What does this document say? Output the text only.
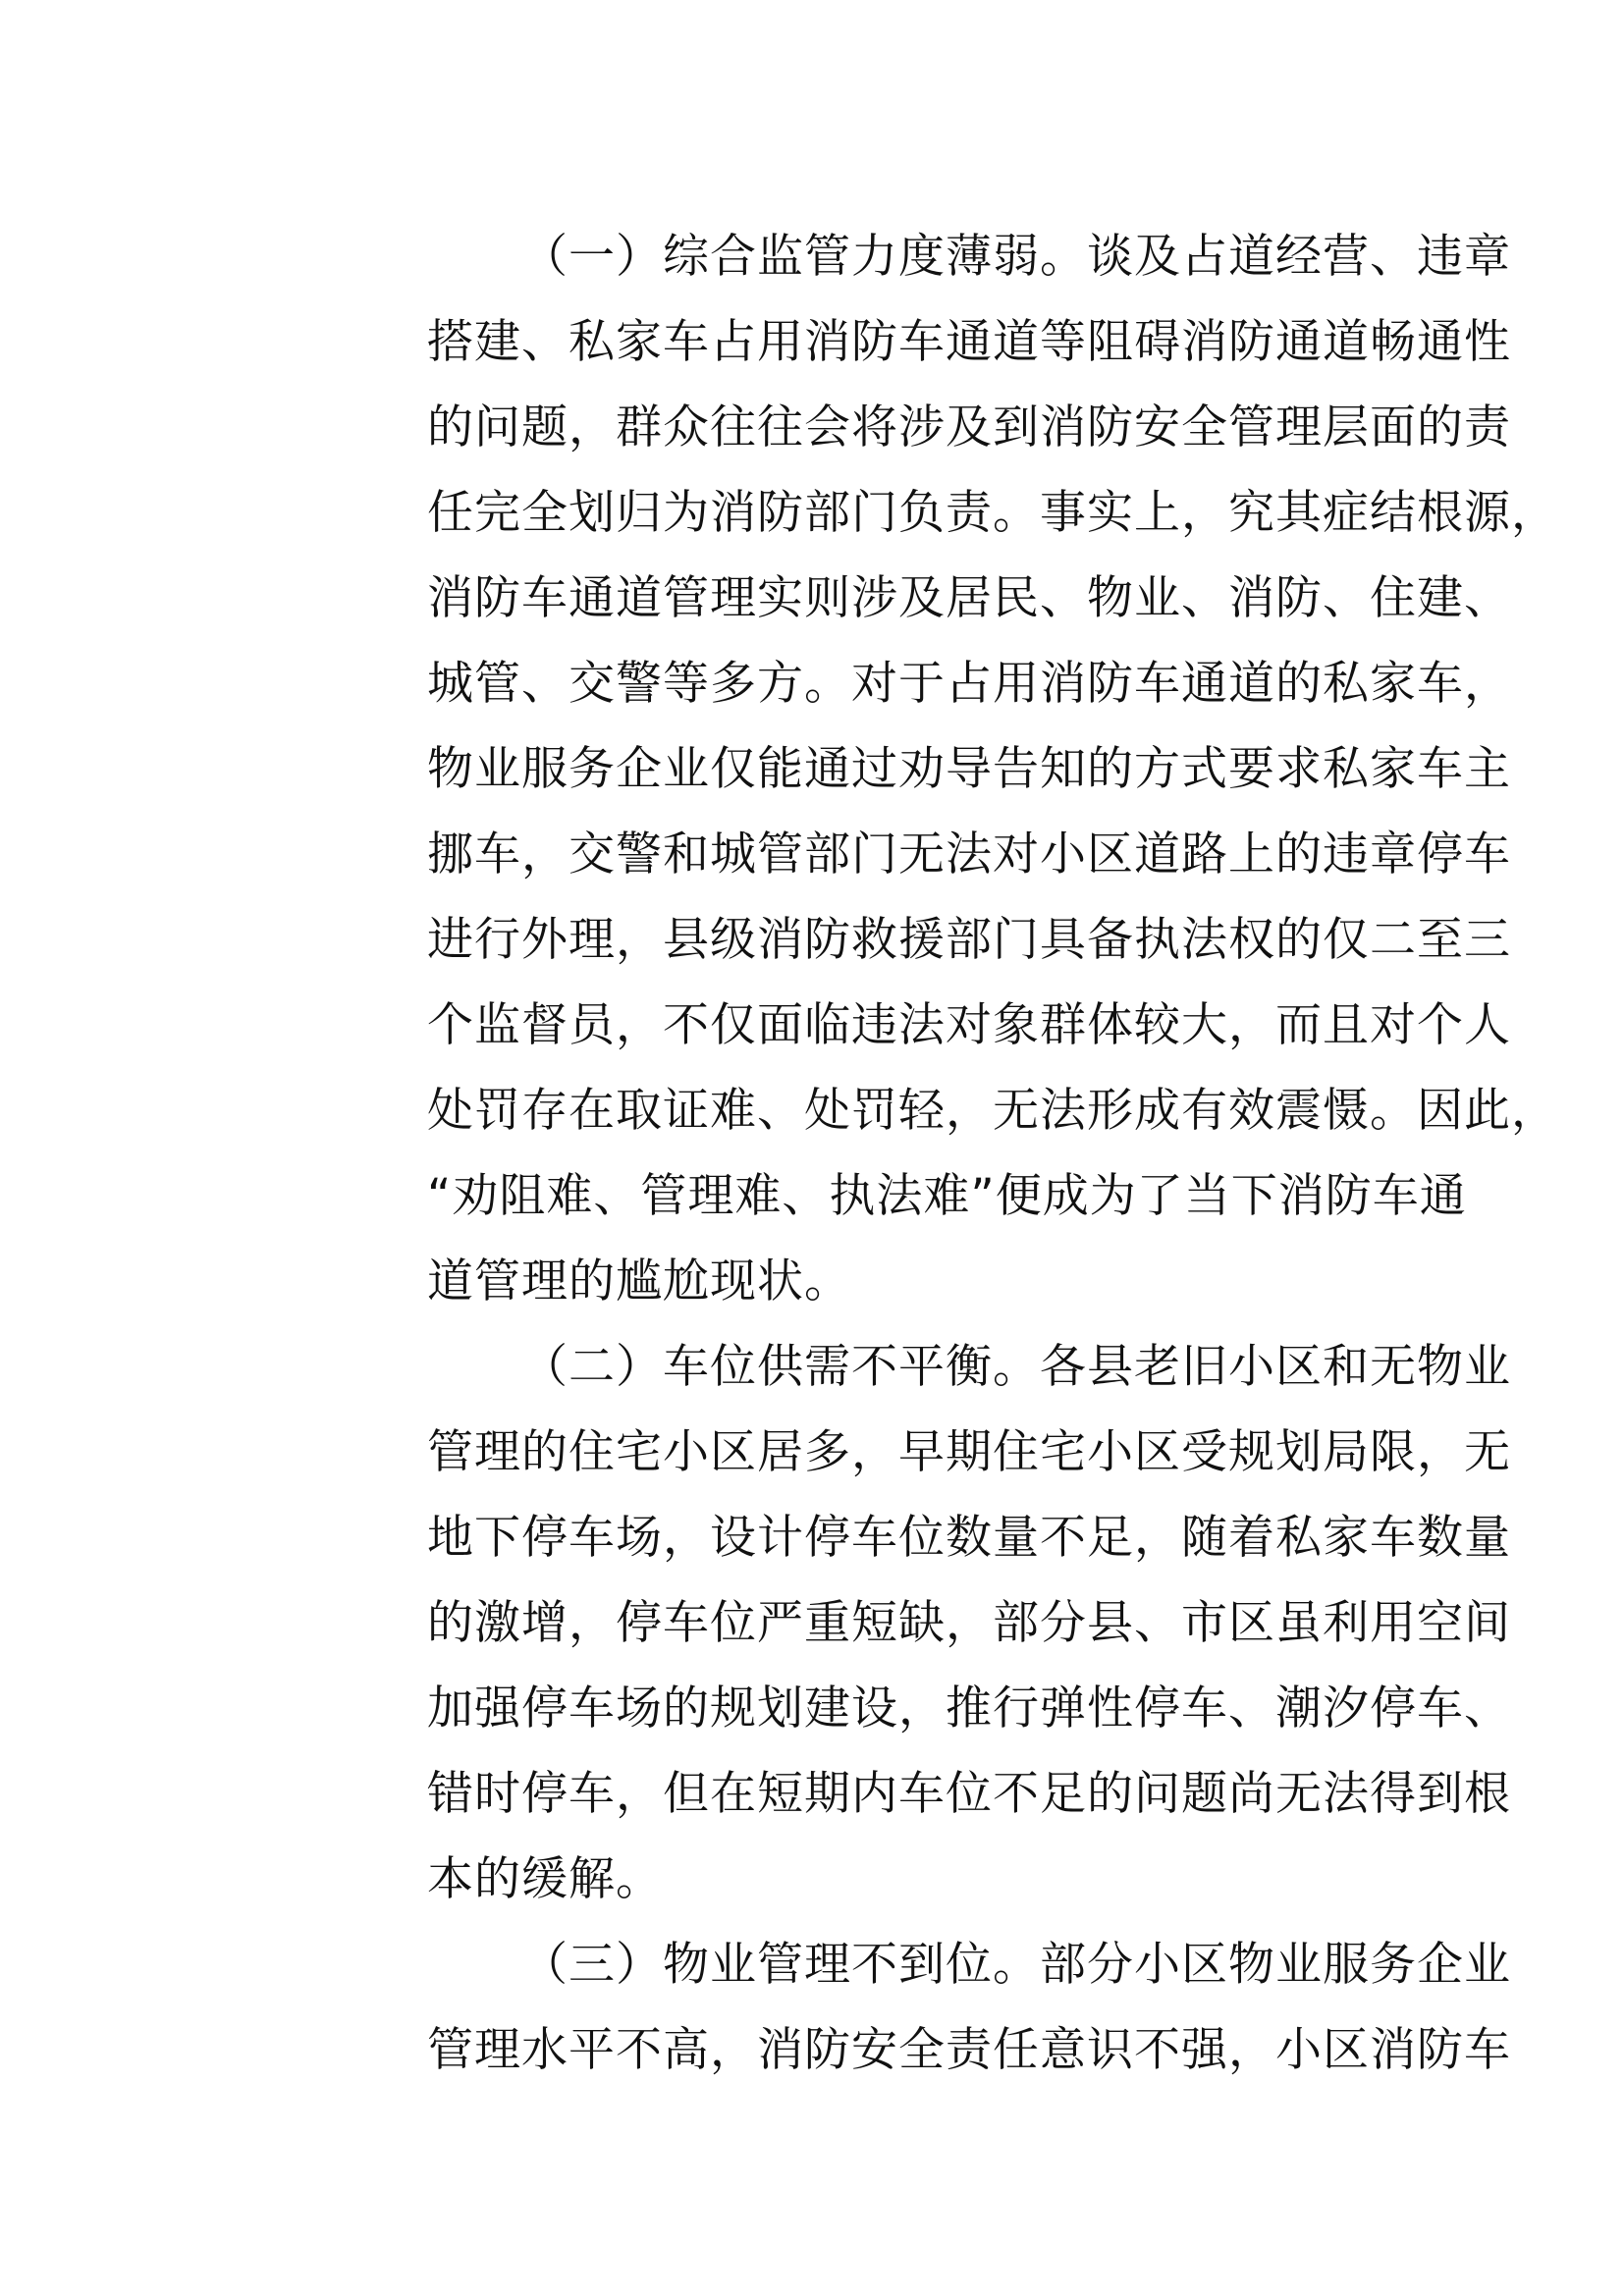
（一）综合监管力度薄弱。谈及占道经营、违章
搭建、私家车占用消防车通道等阻碍消防通道畅通性
的问题，群众往往会将涉及到消防安全管理层面的责
任完全划归为消防部门负责。事实上，究其症结根源，
消防车通道管理实则涉及居民、物业、消防、住建、
城管、交警等多方。对于占用消防车通道的私家车，
物业服务企业仅能通过劝导告知的方式要求私家车主
挪车，交警和城管部门无法对小区道路上的违章停车
进行外理，县级消防救援部门具备执法权的仅二至三
个监督员，不仅面临违法对象群体较大，而且对个人
处罚存在取证难、处罚轻，无法形成有效震慑。因此，
“劝阻难、管理难、执法难”便成为了当下消防车通
道管理的尴尬现状。
（二）车位供需不平衡。各县老旧小区和无物业
管理的住宅小区居多，早期住宅小区受规划局限，无
地下停车场，设计停车位数量不足，随着私家车数量
的激增，停车位严重短缺，部分县、市区虽利用空间
加强停车场的规划建设，推行弹性停车、潮汐停车、
错时停车，但在短期内车位不足的问题尚无法得到根
本的缓解。
（三）物业管理不到位。部分小区物业服务企业
管理水平不高，消防安全责任意识不强，小区消防车
